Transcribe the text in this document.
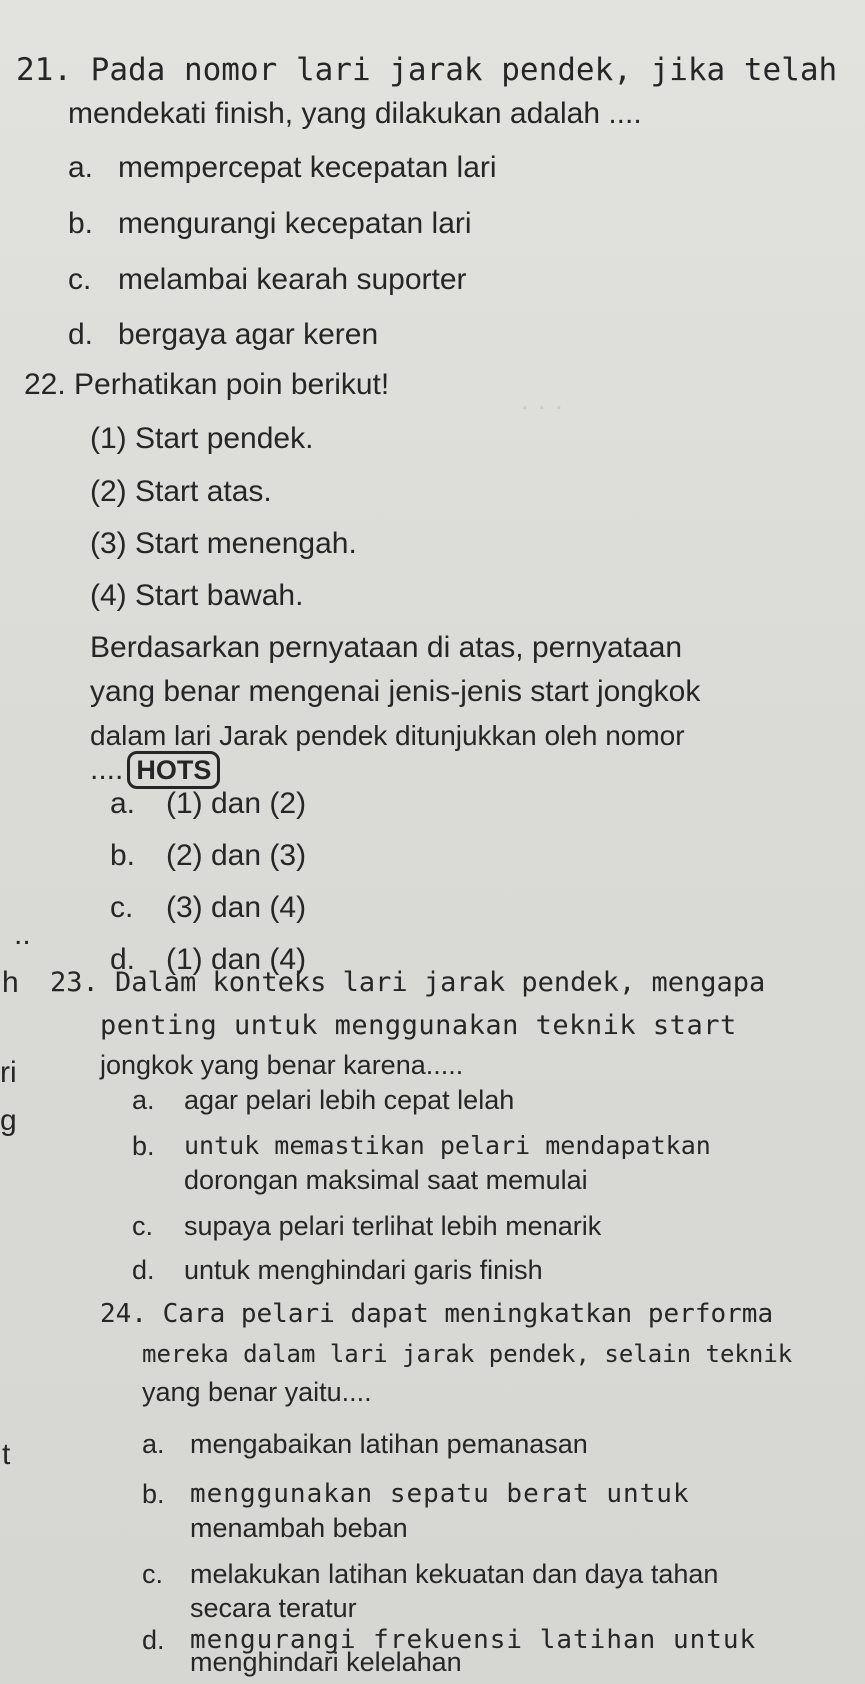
· · ·
21. Pada nomor lari jarak pendek, jika telah
mendekati finish, yang dilakukan adalah ....
a. mempercepat kecepatan lari
b. mengurangi kecepatan lari
c. melambai kearah suporter
d. bergaya agar keren
22. Perhatikan poin berikut!
(1) Start pendek.
(2) Start atas.
(3) Start menengah.
(4) Start bawah.
Berdasarkan pernyataan di atas, pernyataan
yang benar mengenai jenis-jenis start jongkok
dalam lari Jarak pendek ditunjukkan oleh nomor
.... HOTS
a. (1) dan (2)
b. (2) dan (3)
c. (3) dan (4)
d. (1) dan (4)
..
h
ri
g
t
23. Dalam konteks lari jarak pendek, mengapa
penting untuk menggunakan teknik start
jongkok yang benar karena.....
a. agar pelari lebih cepat lelah
b. untuk memastikan pelari mendapatkan
dorongan maksimal saat memulai
c. supaya pelari terlihat lebih menarik
d. untuk menghindari garis finish
24. Cara pelari dapat meningkatkan performa
mereka dalam lari jarak pendek, selain teknik
yang benar yaitu....
a. mengabaikan latihan pemanasan
b. menggunakan sepatu berat untuk
menambah beban
c. melakukan latihan kekuatan dan daya tahan
secara teratur
d. mengurangi frekuensi latihan untuk
menghindari kelelahan
